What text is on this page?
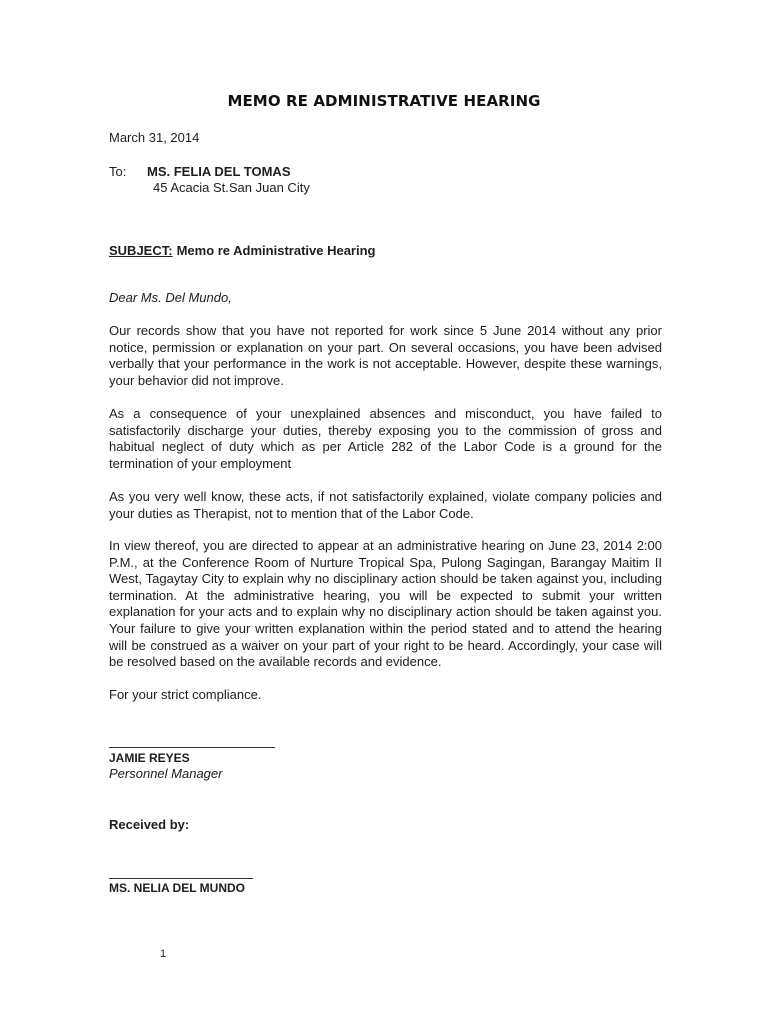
MEMO RE ADMINISTRATIVE HEARING
March 31, 2014
To: MS. FELIA DEL TOMAS
45 Acacia St.San Juan City
SUBJECT: Memo re Administrative Hearing
Dear Ms. Del Mundo,
Our records show that you have not reported for work since 5 June 2014 without any prior notice, permission or explanation on your part. On several occasions, you have been advised verbally that your performance in the work is not acceptable. However, despite these warnings, your behavior did not improve.
As a consequence of your unexplained absences and misconduct, you have failed to satisfactorily discharge your duties, thereby exposing you to the commission of gross and habitual neglect of duty which as per Article 282 of the Labor Code is a ground for the termination of your employment
As you very well know, these acts, if not satisfactorily explained, violate company policies and your duties as Therapist, not to mention that of the Labor Code.
In view thereof, you are directed to appear at an administrative hearing on June 23, 2014 2:00 P.M., at the Conference Room of Nurture Tropical Spa, Pulong Sagingan, Barangay Maitim II West, Tagaytay City to explain why no disciplinary action should be taken against you, including termination. At the administrative hearing, you will be expected to submit your written explanation for your acts and to explain why no disciplinary action should be taken against you. Your failure to give your written explanation within the period stated and to attend the hearing will be construed as a waiver on your part of your right to be heard. Accordingly, your case will be resolved based on the available records and evidence.
For your strict compliance.
JAMIE REYES
Personnel Manager
Received by:
MS. NELIA DEL MUNDO
1
